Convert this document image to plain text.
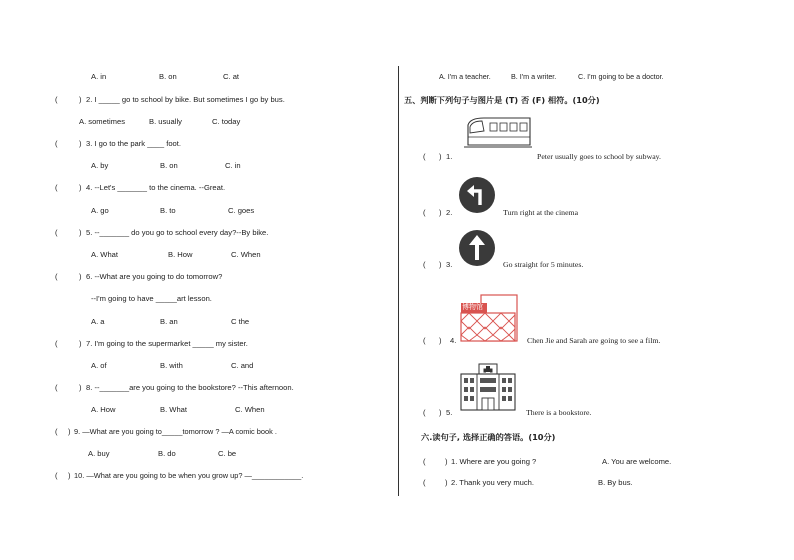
A. in	B. on	C. at
(	) 2. I _____ go to school by bike. But sometimes I go by bus.
A. sometimes	B. usually	C. today
(	) 3. I go to the park ____ foot.
A. by	B. on	C. in
(	) 4. --Let's _______ to the cinema. --Great.
A. go	B. to	C. goes
(	) 5. --_______ do you go to school every day?--By bike.
A. What	B. How	C. When
(	) 6. --What are you going to do tomorrow?
--I'm going to have _____art lesson.
A. a	B. an	C the
(	) 7. I'm going to the supermarket _____ my sister.
A. of	B. with	C. and
(	) 8. --_______are you going to the bookstore? --This afternoon.
A. How	B. What	C. When
( ) 9. —What are you going to_____tomorrow ? —A comic book .
A. buy	B. do	C. be
( ) 10. —What are you going to be when you grow up? —____________.
A. I'm a teacher.	B. I'm a writer.	C. I'm going to be a doctor.
五、判断下列句子与图片是 (T) 否 (F) 相符。(10分)
( ) 1.	Peter usually goes to school by subway.
( ) 2.	Turn right at the cinema
( ) 3.	Go straight for 5 minutes.
博物馆
( ) 4.	Chen Jie and Sarah are going to see a film.
( ) 5.	There is a bookstore.
六.读句子, 选择正确的答语。(10分)
(	) 1. Where are you going ?	A. You are welcome.
(	) 2. Thank you very much.	B. By bus.
